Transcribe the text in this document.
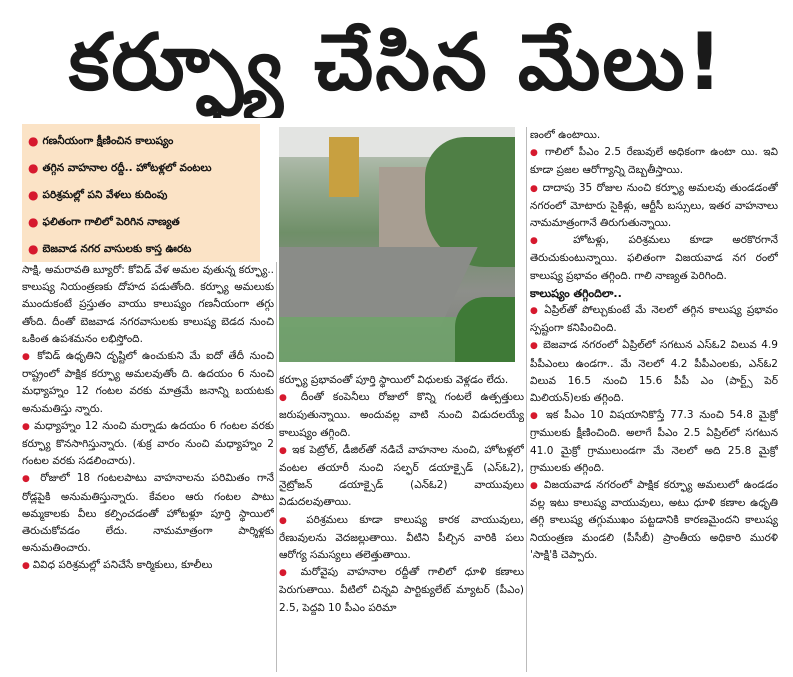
కర్ఫ్యూ చేసిన మేలు!
● గణనీయంగా క్షీణించిన కాలుష్యం
● తగ్గిన వాహనాల రద్దీ.. హోటళ్లలో వంటలు
● పరిశ్రమల్లో పని వేళలు కుదింపు
● ఫలితంగా గాలిలో పెరిగిన నాణ్యత
● బెజవాడ నగర వాసులకు కాస్త ఊరట

సాక్షి, అమరావతి బ్యూరో: కోవిడ్ వేళ అమల వుతున్న కర్ఫ్యూ.. కాలుష్య నియంత్రణకు దోహద పడుతోంది. కర్ఫ్యూ అమలుకు ముందుకంటే ప్రస్తుతం వాయు కాలుష్యం గణనీయంగా తగ్గు తోంది. దీంతో బెజవాడ నగరవాసులకు కాలుష్య బెడద నుంచి ఒకింత ఉపశమనం లభిస్తోంది.

● కోవిడ్ ఉధృతిని దృష్టిలో ఉంచుకుని మే ఐదో తేదీ నుంచి రాష్ట్రంలో పాక్షిక కర్ఫ్యూ అమలవుతోం ది. ఉదయం 6 నుంచి మధ్యాహ్నం 12 గంటల వరకు మాత్రమే జనాన్ని బయటకు అనుమతిస్తు న్నారు.

● మధ్యాహ్నం 12 నుంచి మర్నాడు ఉదయం 6 గంటల వరకు కర్ఫ్యూ కొనసాగిస్తున్నారు. (శుక్ర వారం నుంచి మధ్యాహ్నం 2 గంటల వరకు సడలించారు).

● రోజులో 18 గంటలపాటు వాహనాలను పరిమితం గానే రోడ్లపైకి అనుమతిస్తున్నారు. కేవలం ఆరు గంటల పాటు అమ్మకాలకు వీలు కల్పించడంతో హోటళ్లూ పూర్తి స్థాయిలో తెరుచుకోవడం లేదు. నామమాత్రంగా పార్శిళ్లకు అనుమతించారు.

● వివిధ పరిశ్రమల్లో పనిచేసే కార్మికులు, కూలీలు

కర్ఫ్యూ ప్రభావంతో పూర్తి స్థాయిలో విధులకు వెళ్లడం లేదు.

● దీంతో కంపెనీలు రోజులో కొన్ని గంటలే ఉత్పత్తులు జరుపుతున్నాయి. అందువల్ల వాటి నుంచి విడుదలయ్యే కాలుష్యం తగ్గింది.

● ఇక పెట్రోల్, డీజిల్‌తో నడిచే వాహనాల నుంచి, హోటళ్లలో వంటల తయారీ నుంచి సల్ఫర్ డయాక్సైడ్ (ఎస్‌ఓ2), నైట్రోజన్ డయాక్సైడ్ (ఎన్‌ఓ2) వాయువులు విడుదలవుతాయి.

● పరిశ్రమలు కూడా కాలుష్య కారక వాయువులు, రేణువులను వెదజల్లుతాయి. వీటిని పీల్చిన వారికి పలు ఆరోగ్య సమస్యలు తలెత్తుతాయి.

● మరోవైపు వాహనాల రద్దీతో గాలిలో ధూళి కణాలు పెరుగుతాయి. వీటిలో చిన్నవి పార్టిక్యులేట్ మ్యాటర్ (పీఎం) 2.5, పెద్దవి 10 పీఎం పరిమా

ణంలో ఉంటాయి.

● గాలిలో పీఎం 2.5 రేణువులే అధికంగా ఉంటా యి. ఇవి కూడా ప్రజల ఆరోగ్యాన్ని దెబ్బతీస్తాయి.

● దాదాపు 35 రోజుల నుంచి కర్ఫ్యూ అమలవు తుండడంతో నగరంలో మోటారు సైకిళ్లు, ఆర్టీసీ బస్సులు, ఇతర వాహనాలు నామమాత్రంగానే తిరుగుతున్నాయి.

● హోటళ్లు, పరిశ్రమలు కూడా అరకొరగానే తెరుచుకుంటున్నాయి. ఫలితంగా విజయవాడ నగ రంలో కాలుష్య ప్రభావం తగ్గింది. గాలి నాణ్యత పెరిగింది.

కాలుష్యం తగ్గిందిలా..

● ఏప్రిల్‌తో పోల్చుకుంటే మే నెలలో తగ్గిన కాలుష్య ప్రభావం స్పష్టంగా కనిపించింది.

● బెజవాడ నగరంలో ఏప్రిల్‌లో సగటున ఎస్‌ఓ2 విలువ 4.9 పీపీఎంలు ఉండగా.. మే నెలలో 4.2 పీపీఎంలకు, ఎన్‌ఓ2 విలువ 16.5 నుంచి 15.6 పీపీ ఎం (పార్ట్స్ పెర్ మిలియన్)లకు తగ్గింది.

● ఇక పీఎం 10 విషయానికొస్తే 77.3 నుంచి 54.8 మైక్రో గ్రాములకు క్షీణించింది. అలాగే పీఎం 2.5 ఏప్రిల్‌లో సగటున 41.0 మైక్రో గ్రాములుండగా మే నెలలో అది 25.8 మైక్రో గ్రాములకు తగ్గింది.

● విజయవాడ నగరంలో పాక్షిక కర్ఫ్యూ అమలులో ఉండడం వల్ల ఇటు కాలుష్య వాయువులు, అటు ధూళి కణాల ఉధృతి తగ్గి కాలుష్య తగ్గుముఖం పట్టడానికి కారణమైందని కాలుష్య నియంత్రణ మండలి (పీసీబీ) ప్రాంతీయ అధికారి మురళి 'సాక్షి'కి చెప్పారు.
